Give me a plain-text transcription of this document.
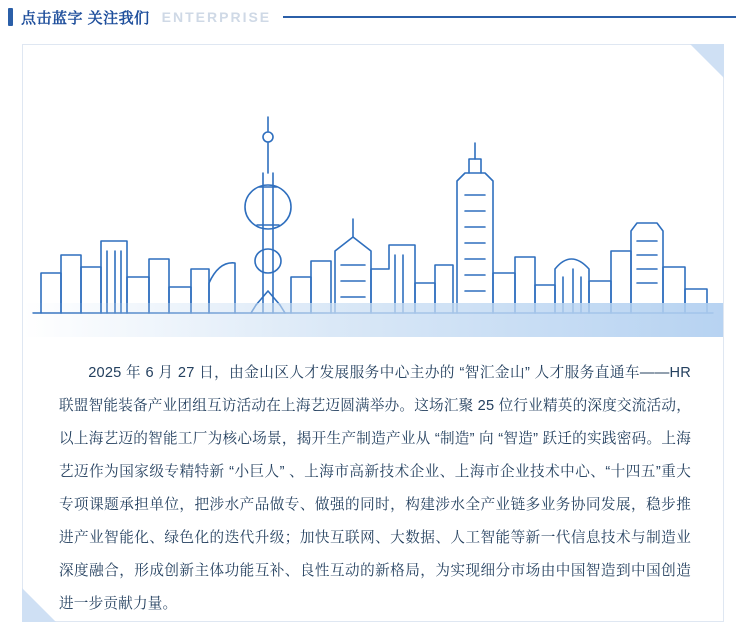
点击蓝字 关注我们 ENTERPRISE

2025 年 6 月 27 日，由金山区人才发展服务中心主办的 “智汇金山” 人才服务直通车——HR 联盟智能装备产业团组互访活动在上海艺迈圆满举办。这场汇聚 25 位行业精英的深度交流活动，以上海艺迈的智能工厂为核心场景，揭开生产制造产业从 “制造” 向 “智造” 跃迁的实践密码。上海艺迈作为国家级专精特新 “小巨人” 、上海市高新技术企业、上海市企业技术中心、“十四五”重大专项课题承担单位，把涉水产品做专、做强的同时，构建涉水全产业链多业务协同发展，稳步推进产业智能化、绿色化的迭代升级；加快互联网、大数据、人工智能等新一代信息技术与制造业深度融合，形成创新主体功能互补、良性互动的新格局，为实现细分市场由中国智造到中国创造进一步贡献力量。
